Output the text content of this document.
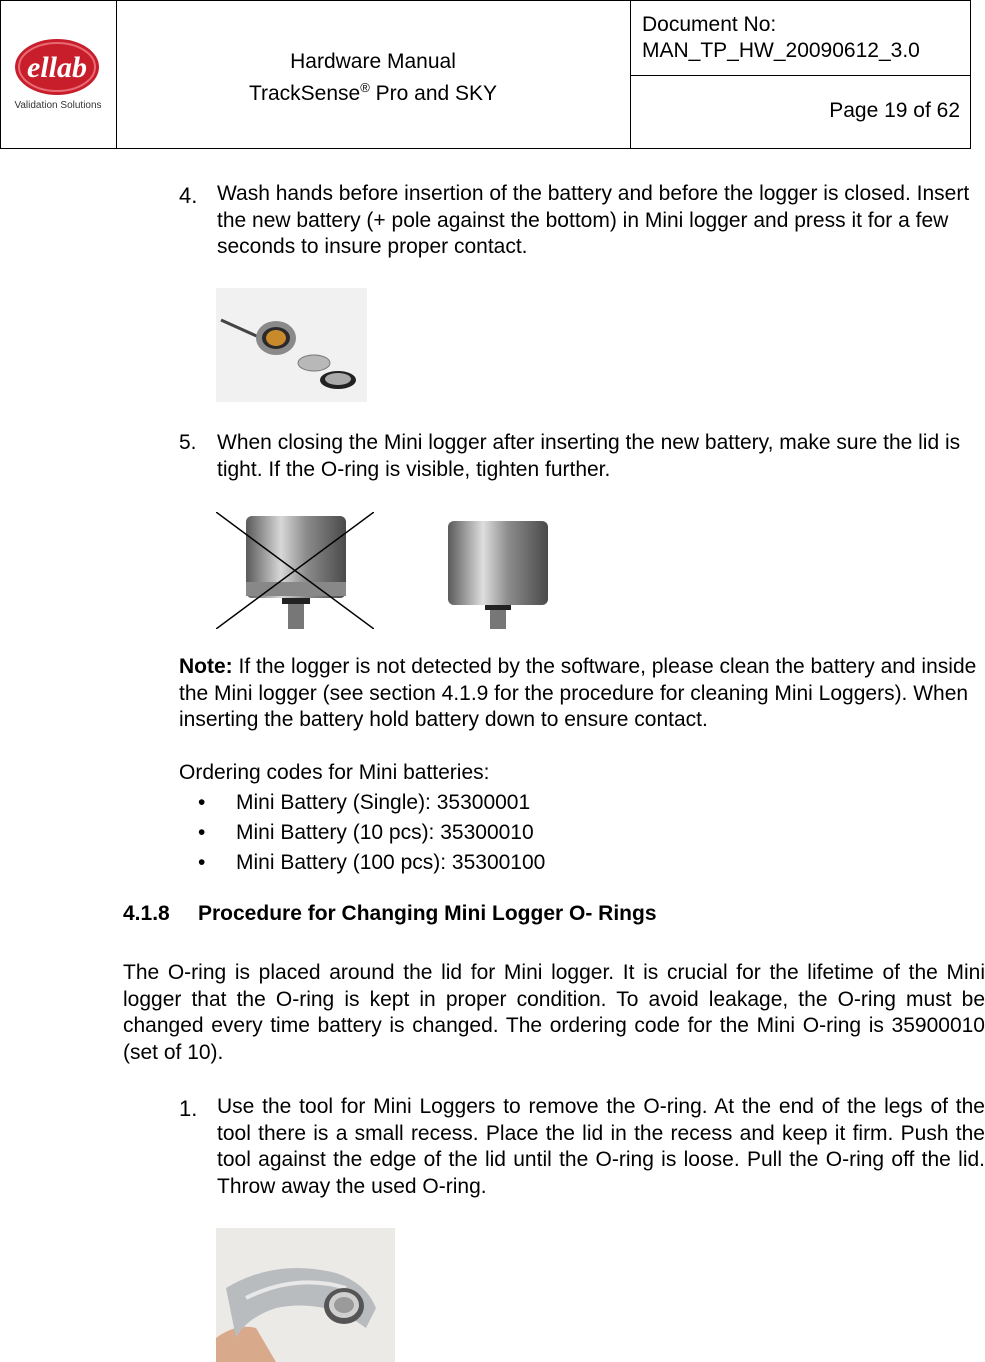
ellab
Validation Solutions
Hardware Manual
TrackSense® Pro and SKY
Document No:
MAN_TP_HW_20090612_3.0
Page 19 of 62
4. Wash hands before insertion of the battery and before the logger is closed. Insert the new battery (+ pole against the bottom) in Mini logger and press it for a few seconds to insure proper contact.
5. When closing the Mini logger after inserting the new battery, make sure the lid is tight. If the O-ring is visible, tighten further.
Note: If the logger is not detected by the software, please clean the battery and inside the Mini logger (see section 4.1.9 for the procedure for cleaning Mini Loggers). When inserting the battery hold battery down to ensure contact.
Ordering codes for Mini batteries:
• Mini Battery (Single): 35300001
• Mini Battery (10 pcs): 35300010
• Mini Battery (100 pcs): 35300100
4.1.8 Procedure for Changing Mini Logger O- Rings
The O-ring is placed around the lid for Mini logger. It is crucial for the lifetime of the Mini logger that the O-ring is kept in proper condition. To avoid leakage, the O-ring must be changed every time battery is changed. The ordering code for the Mini O-ring is 35900010 (set of 10).
1. Use the tool for Mini Loggers to remove the O-ring. At the end of the legs of the tool there is a small recess. Place the lid in the recess and keep it firm. Push the tool against the edge of the lid until the O-ring is loose. Pull the O-ring off the lid. Throw away the used O-ring.
